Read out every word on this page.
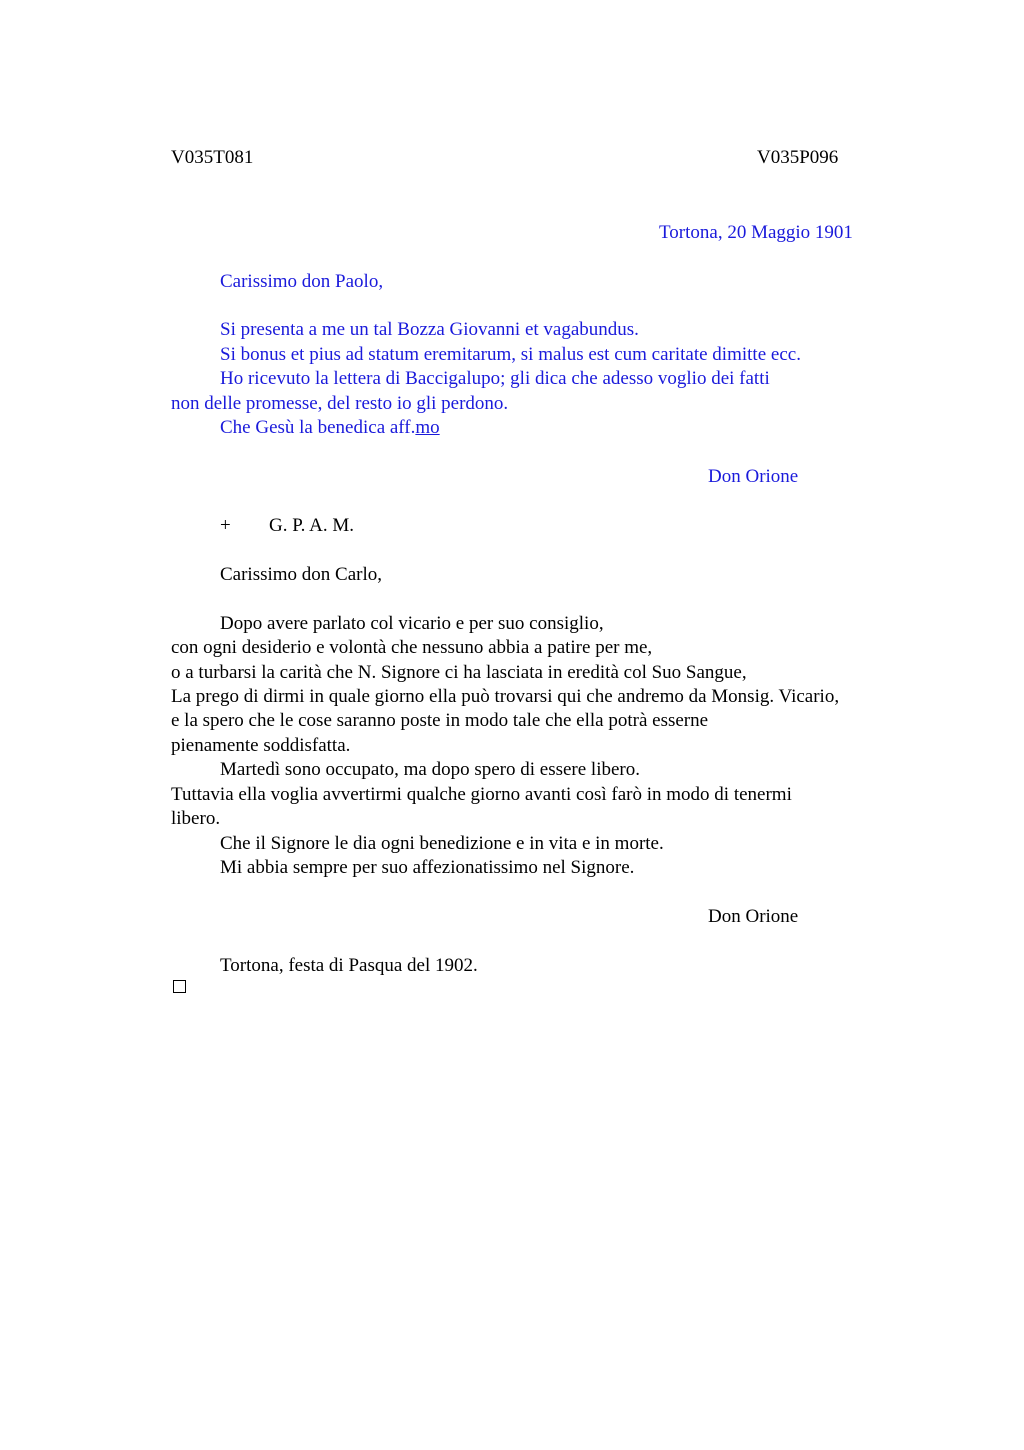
V035T081	V035P096

Tortona, 20 Maggio 1901

Carissimo don Paolo,

Si presenta a me un tal Bozza Giovanni et vagabundus.

Si bonus et pius ad statum eremitarum, si malus est cum caritate dimitte ecc.

Ho ricevuto la lettera di Baccigalupo; gli dica che adesso voglio dei fatti

non delle promesse, del resto io gli perdono.

Che Gesù la benedica aff.mo

Don Orione

+ G. P. A. M.

Carissimo don Carlo,

Dopo avere parlato col vicario e per suo consiglio,

con ogni desiderio e volontà che nessuno abbia a patire per me,

o a turbarsi la carità che N. Signore ci ha lasciata in eredità col Suo Sangue,

La prego di dirmi in quale giorno ella può trovarsi qui che andremo da Monsig. Vicario,

e la spero che le cose saranno poste in modo tale che ella potrà esserne

pienamente soddisfatta.

Martedì sono occupato, ma dopo spero di essere libero.

Tuttavia ella voglia avvertirmi qualche giorno avanti così farò in modo di tenermi

libero.

Che il Signore le dia ogni benedizione e in vita e in morte.

Mi abbia sempre per suo affezionatissimo nel Signore.

Don Orione

Tortona, festa di Pasqua del 1902.
